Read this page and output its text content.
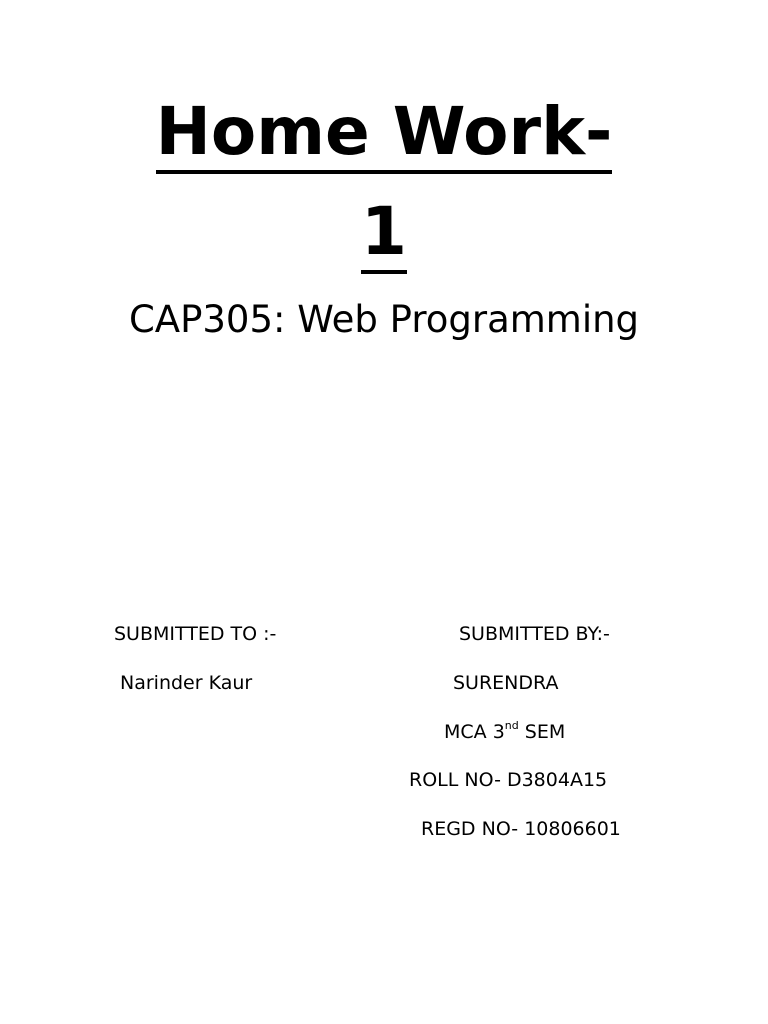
Home Work-
1

CAP305: Web Programming

SUBMITTED TO :-	SUBMITTED BY:-

Narinder Kaur	SURENDRA

MCA 3nd SEM

ROLL NO- D3804A15

REGD NO- 10806601
